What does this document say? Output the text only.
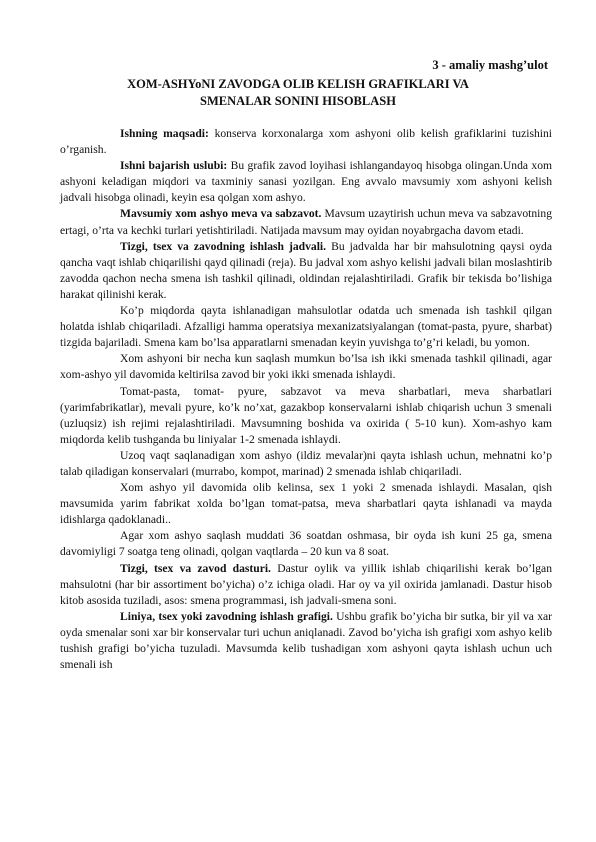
3 - amaliy mashg’ulot
XOM-ASHYoNI ZAVODGA OLIB KELISH GRAFIKLARI VA
SMENALAR SONINI HISOBLASH

Ishning maqsadi: konserva korxonalarga xom ashyoni olib kelish grafiklarini tuzishini o’rganish.

Ishni bajarish uslubi: Bu grafik zavod loyihasi ishlangandayoq hisobga olingan.Unda xom ashyoni keladigan miqdori va taxminiy sanasi yozilgan. Eng avvalo mavsumiy xom ashyoni kelish jadvali hisobga olinadi, keyin esa qolgan xom ashyo.

Mavsumiy xom ashyo meva va sabzavot. Mavsum uzaytirish uchun meva va sabzavotning ertagi, o’rta va kechki turlari yetishtiriladi. Natijada mavsum may oyidan noyabrgacha davom etadi.

Tizgi, tsex va zavodning ishlash jadvali. Bu jadvalda har bir mahsulotning qaysi oyda qancha vaqt ishlab chiqarilishi qayd qilinadi (reja). Bu jadval xom ashyo kelishi jadvali bilan moslashtirib zavodda qachon necha smena ish tashkil qilinadi, oldindan rejalashtiriladi. Grafik bir tekisda bo’lishiga harakat qilinishi kerak.

Ko’p miqdorda qayta ishlanadigan mahsulotlar odatda uch smenada ish tashkil qilgan holatda ishlab chiqariladi. Afzalligi hamma operatsiya mexanizatsiyalangan (tomat-pasta, pyure, sharbat) tizgida bajariladi. Smena kam bo’lsa apparatlarni smenadan keyin yuvishga to’g’ri keladi, bu yomon.

Xom ashyoni bir necha kun saqlash mumkun bo’lsa ish ikki smenada tashkil qilinadi, agar xom-ashyo yil davomida keltirilsa zavod bir yoki ikki smenada ishlaydi.

Tomat-pasta, tomat- pyure, sabzavot va meva sharbatlari, meva sharbatlari (yarimfabrikatlar), mevali pyure, ko’k no’xat, gazakbop konservalarni ishlab chiqarish uchun 3 smenali (uzluqsiz) ish rejimi rejalashtiriladi. Mavsumning boshida va oxirida ( 5-10 kun). Xom-ashyo kam miqdorda kelib tushganda bu liniyalar 1-2 smenada ishlaydi.

Uzoq vaqt saqlanadigan xom ashyo (ildiz mevalar)ni qayta ishlash uchun, mehnatni ko’p talab qiladigan konservalari (murrabo, kompot, marinad) 2 smenada ishlab chiqariladi.

Xom ashyo yil davomida olib kelinsa, sex 1 yoki 2 smenada ishlaydi. Masalan, qish mavsumida yarim fabrikat xolda bo’lgan tomat-patsa, meva sharbatlari qayta ishlanadi va mayda idishlarga qadoklanadi..

Agar xom ashyo saqlash muddati 36 soatdan oshmasa, bir oyda ish kuni 25 ga, smena davomiyligi 7 soatga teng olinadi, qolgan vaqtlarda – 20 kun va 8 soat.

Tizgi, tsex va zavod dasturi. Dastur oylik va yillik ishlab chiqarilishi kerak bo’lgan mahsulotni (har bir assortiment bo’yicha) o’z ichiga oladi. Har oy va yil oxirida jamlanadi. Dastur hisob kitob asosida tuziladi, asos: smena programmasi, ish jadvali-smena soni.

Liniya, tsex yoki zavodning ishlash grafigi. Ushbu grafik bo’yicha bir sutka, bir yil va xar oyda smenalar soni xar bir konservalar turi uchun aniqlanadi. Zavod bo’yicha ish grafigi xom ashyo kelib tushish grafigi bo’yicha tuzuladi. Mavsumda kelib tushadigan xom ashyoni qayta ishlash uchun uch smenali ish
